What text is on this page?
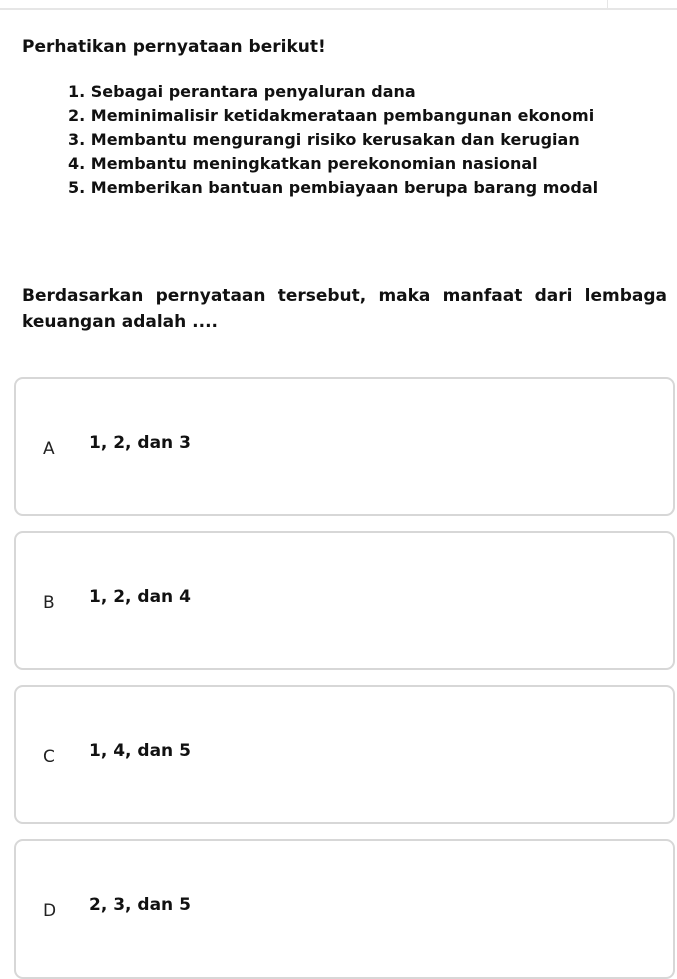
Perhatikan pernyataan berikut!

1. Sebagai perantara penyaluran dana
2. Meminimalisir ketidakmerataan pembangunan ekonomi
3. Membantu mengurangi risiko kerusakan dan kerugian
4. Membantu meningkatkan perekonomian nasional
5. Memberikan bantuan pembiayaan berupa barang modal

Berdasarkan pernyataan tersebut, maka manfaat dari lembaga keuangan adalah ....

A 1, 2, dan 3
B 1, 2, dan 4
C 1, 4, dan 5
D 2, 3, dan 5
